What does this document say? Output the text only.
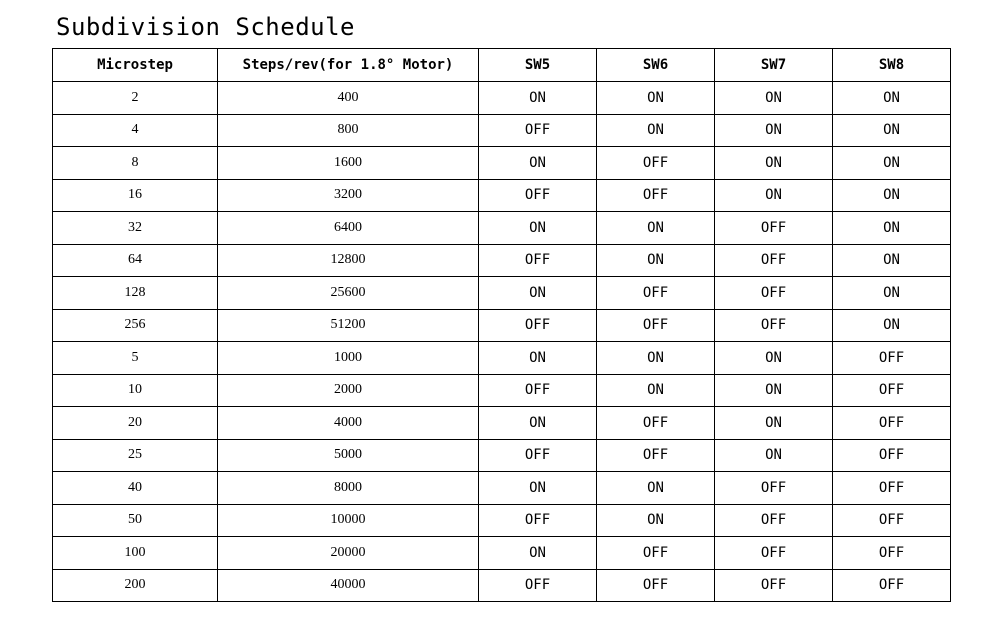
Subdivision Schedule
Microstep	Steps/rev(for 1.8° Motor)	SW5	SW6	SW7	SW8
2	400	ON	ON	ON	ON
4	800	OFF	ON	ON	ON
8	1600	ON	OFF	ON	ON
16	3200	OFF	OFF	ON	ON
32	6400	ON	ON	OFF	ON
64	12800	OFF	ON	OFF	ON
128	25600	ON	OFF	OFF	ON
256	51200	OFF	OFF	OFF	ON
5	1000	ON	ON	ON	OFF
10	2000	OFF	ON	ON	OFF
20	4000	ON	OFF	ON	OFF
25	5000	OFF	OFF	ON	OFF
40	8000	ON	ON	OFF	OFF
50	10000	OFF	ON	OFF	OFF
100	20000	ON	OFF	OFF	OFF
200	40000	OFF	OFF	OFF	OFF
